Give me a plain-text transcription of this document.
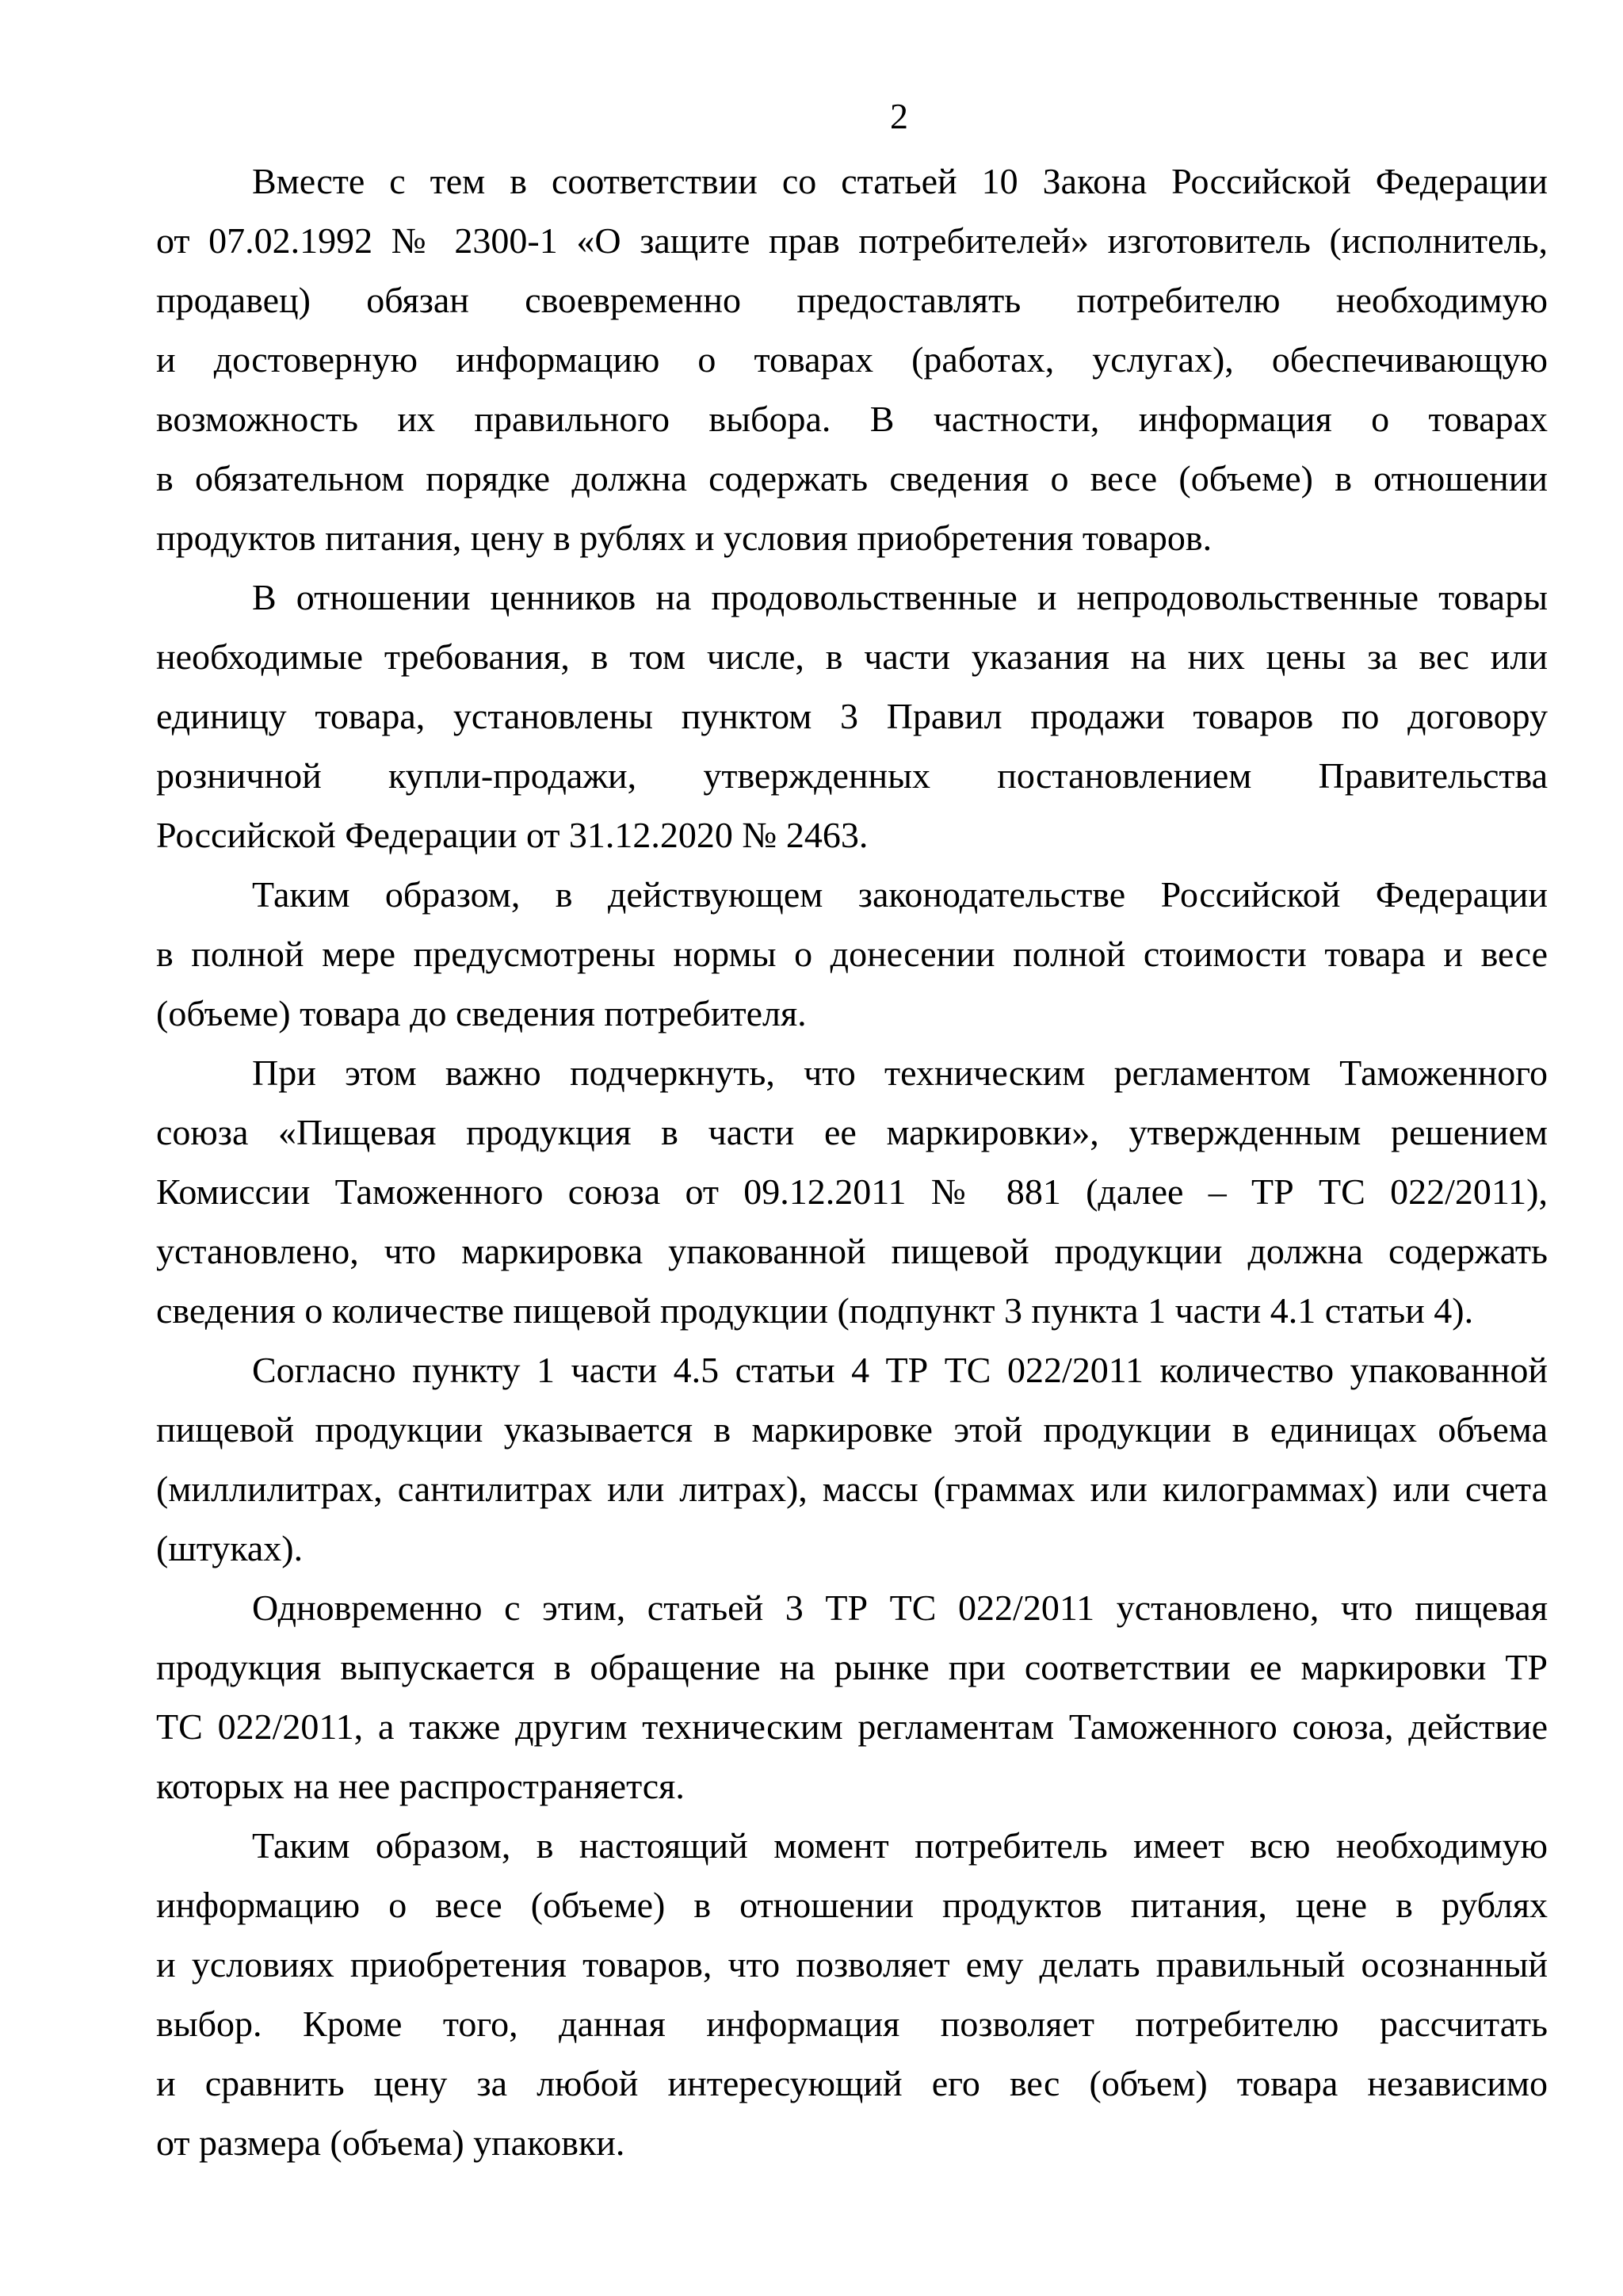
2
Вместе с тем в соответствии со статьей 10 Закона Российской Федерации
от 07.02.1992 № 2300-1 «О защите прав потребителей» изготовитель (исполнитель,
продавец) обязан своевременно предоставлять потребителю необходимую
и достоверную информацию о товарах (работах, услугах), обеспечивающую
возможность их правильного выбора. В частности, информация о товарах
в обязательном порядке должна содержать сведения о весе (объеме) в отношении
продуктов питания, цену в рублях и условия приобретения товаров.
В отношении ценников на продовольственные и непродовольственные товары
необходимые требования, в том числе, в части указания на них цены за вес или
единицу товара, установлены пунктом 3 Правил продажи товаров по договору
розничной купли-продажи, утвержденных постановлением Правительства
Российской Федерации от 31.12.2020 № 2463.
Таким образом, в действующем законодательстве Российской Федерации
в полной мере предусмотрены нормы о донесении полной стоимости товара и весе
(объеме) товара до сведения потребителя.
При этом важно подчеркнуть, что техническим регламентом Таможенного
союза «Пищевая продукция в части ее маркировки», утвержденным решением
Комиссии Таможенного союза от 09.12.2011 № 881 (далее – ТР ТС 022/2011),
установлено, что маркировка упакованной пищевой продукции должна содержать
сведения о количестве пищевой продукции (подпункт 3 пункта 1 части 4.1 статьи 4).
Согласно пункту 1 части 4.5 статьи 4 ТР ТС 022/2011 количество упакованной
пищевой продукции указывается в маркировке этой продукции в единицах объема
(миллилитрах, сантилитрах или литрах), массы (граммах или килограммах) или счета
(штуках).
Одновременно с этим, статьей 3 ТР ТС 022/2011 установлено, что пищевая
продукция выпускается в обращение на рынке при соответствии ее маркировки ТР
ТС 022/2011, а также другим техническим регламентам Таможенного союза, действие
которых на нее распространяется.
Таким образом, в настоящий момент потребитель имеет всю необходимую
информацию о весе (объеме) в отношении продуктов питания, цене в рублях
и условиях приобретения товаров, что позволяет ему делать правильный осознанный
выбор. Кроме того, данная информация позволяет потребителю рассчитать
и сравнить цену за любой интересующий его вес (объем) товара независимо
от размера (объема) упаковки.
